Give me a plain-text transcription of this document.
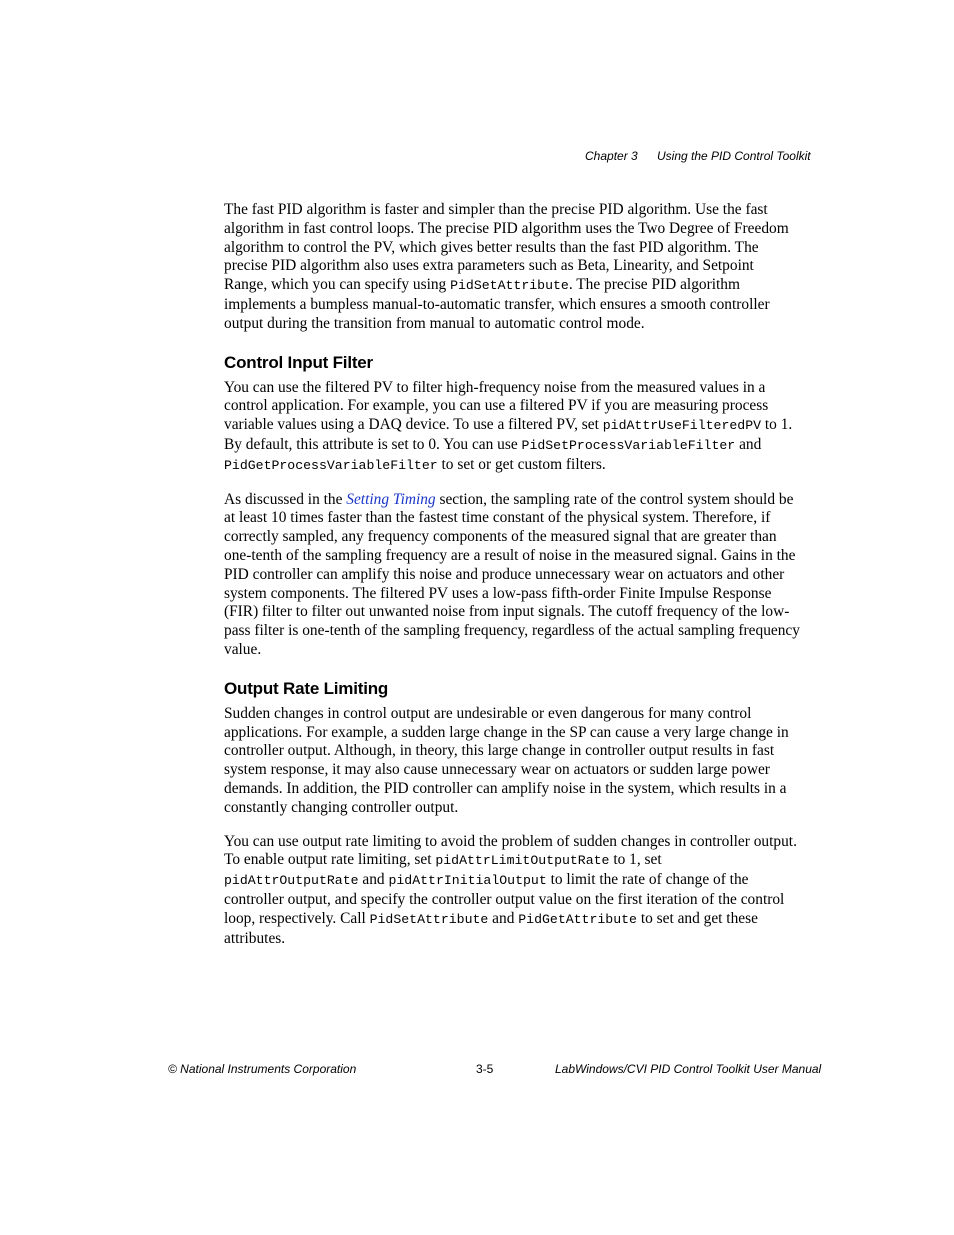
Chapter 3 Using the PID Control Toolkit

The fast PID algorithm is faster and simpler than the precise PID algorithm. Use the fast algorithm in fast control loops. The precise PID algorithm uses the Two Degree of Freedom algorithm to control the PV, which gives better results than the fast PID algorithm. The precise PID algorithm also uses extra parameters such as Beta, Linearity, and Setpoint Range, which you can specify using PidSetAttribute. The precise PID algorithm implements a bumpless manual-to-automatic transfer, which ensures a smooth controller output during the transition from manual to automatic control mode.

Control Input Filter

You can use the filtered PV to filter high-frequency noise from the measured values in a control application. For example, you can use a filtered PV if you are measuring process variable values using a DAQ device. To use a filtered PV, set pidAttrUseFilteredPV to 1. By default, this attribute is set to 0. You can use PidSetProcessVariableFilter and PidGetProcessVariableFilter to set or get custom filters.

As discussed in the Setting Timing section, the sampling rate of the control system should be at least 10 times faster than the fastest time constant of the physical system. Therefore, if correctly sampled, any frequency components of the measured signal that are greater than one-tenth of the sampling frequency are a result of noise in the measured signal. Gains in the PID controller can amplify this noise and produce unnecessary wear on actuators and other system components. The filtered PV uses a low-pass fifth-order Finite Impulse Response (FIR) filter to filter out unwanted noise from input signals. The cutoff frequency of the low-pass filter is one-tenth of the sampling frequency, regardless of the actual sampling frequency value.

Output Rate Limiting

Sudden changes in control output are undesirable or even dangerous for many control applications. For example, a sudden large change in the SP can cause a very large change in controller output. Although, in theory, this large change in controller output results in fast system response, it may also cause unnecessary wear on actuators or sudden large power demands. In addition, the PID controller can amplify noise in the system, which results in a constantly changing controller output.

You can use output rate limiting to avoid the problem of sudden changes in controller output. To enable output rate limiting, set pidAttrLimitOutputRate to 1, set pidAttrOutputRate and pidAttrInitialOutput to limit the rate of change of the controller output, and specify the controller output value on the first iteration of the control loop, respectively. Call PidSetAttribute and PidGetAttribute to set and get these attributes.

© National Instruments Corporation	3-5	LabWindows/CVI PID Control Toolkit User Manual
